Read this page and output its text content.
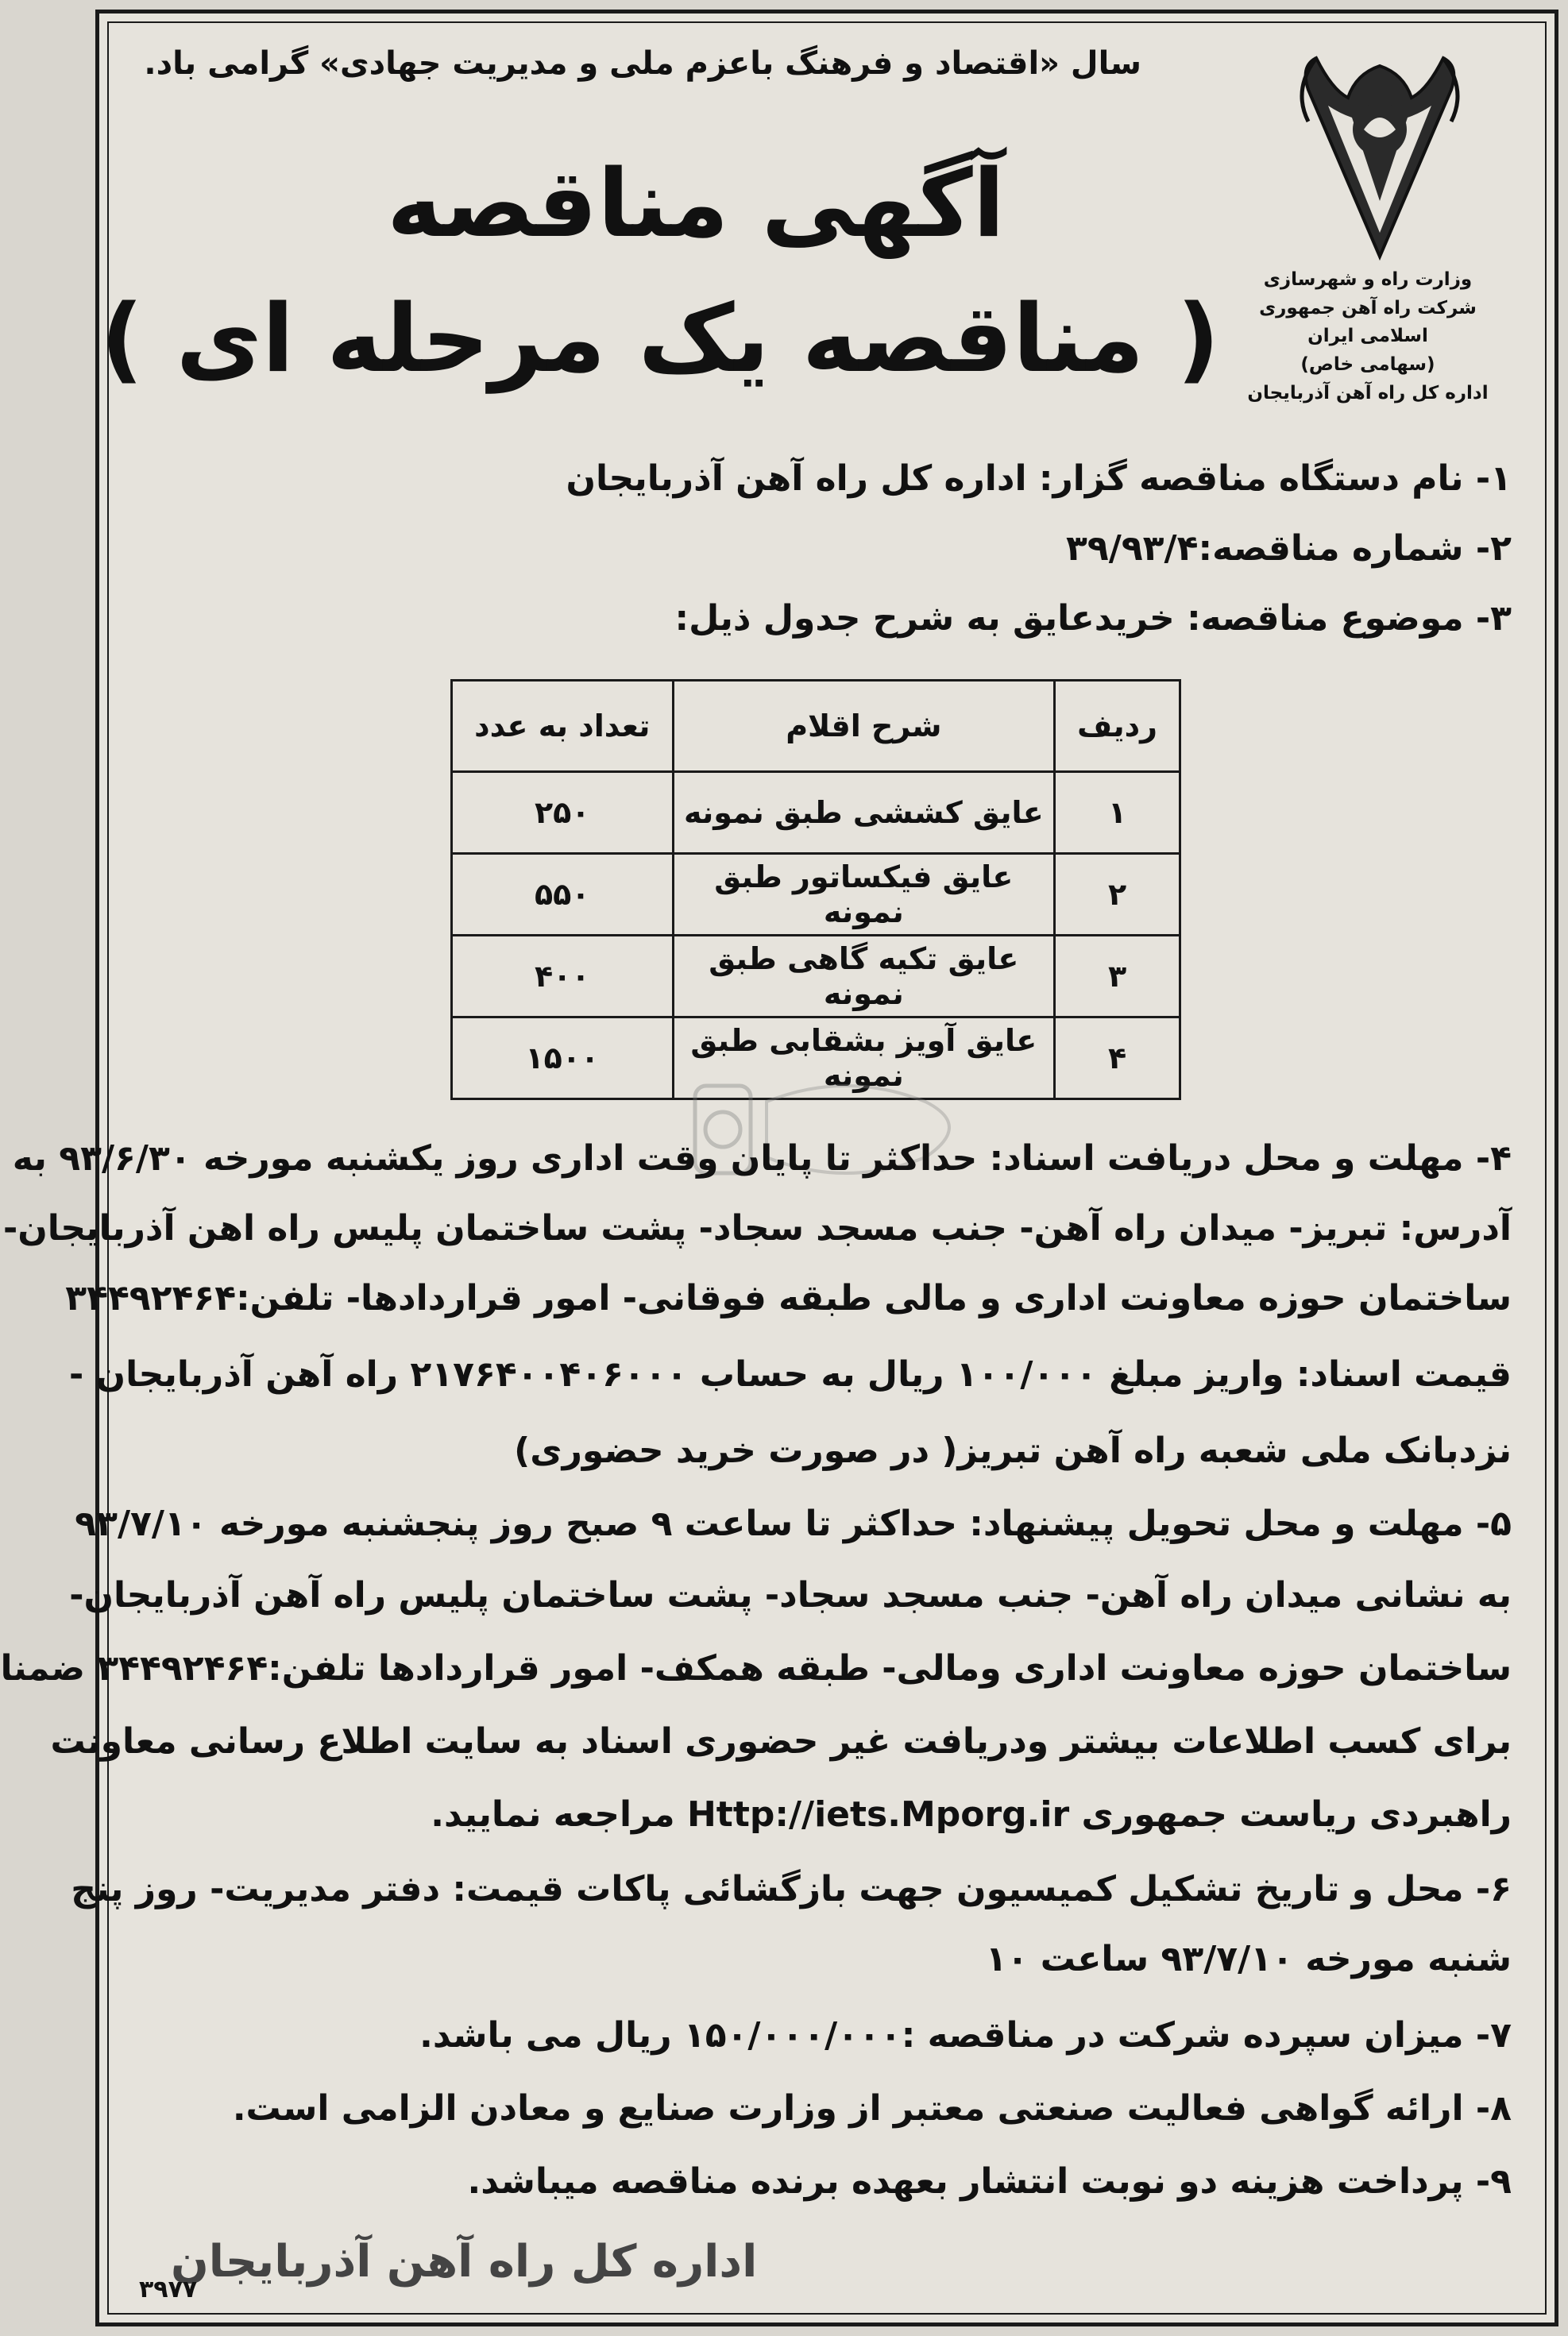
سال «اقتصاد و فرهنگ باعزم ملی و مدیریت جهادی» گرامی باد.
وزارت راه و شهرسازی
شرکت راه آهن جمهوری اسلامی ایران
(سهامی خاص)
اداره کل راه آهن آذربایجان
آگهی مناقصه
( مناقصه یک مرحله ای )
۱- نام دستگاه مناقصه گزار: اداره کل راه آهن آذربایجان
۲- شماره مناقصه:۳۹/۹۳/۴
۳- موضوع مناقصه: خریدعایق به شرح جدول ذیل:
ردیف	شرح اقلام	تعداد به عدد
۱	عایق کششی طبق نمونه	۲۵۰
۲	عایق فیکساتور طبق نمونه	۵۵۰
۳	عایق تکیه گاهی طبق نمونه	۴۰۰
۴	عایق آویز بشقابی طبق نمونه	۱۵۰۰
۴- مهلت و محل دریافت اسناد: حداکثر تا پایان وقت اداری روز یکشنبه مورخه ۹۳/۶/۳۰ به
آدرس: تبریز- میدان راه آهن- جنب مسجد سجاد- پشت ساختمان پلیس راه اهن آذربایجان-
ساختمان حوزه معاونت اداری و مالی طبقه فوقانی- امور قراردادها- تلفن:۳۴۴۹۲۴۶۴
قیمت اسناد: واریز مبلغ ۱۰۰/۰۰۰ ریال به حساب ۲۱۷۶۴۰۰۴۰۶۰۰۰ راه آهن آذربایجان -
نزدبانک ملی شعبه راه آهن تبریز( در صورت خرید حضوری)
۵- مهلت و محل تحویل پیشنهاد: حداکثر تا ساعت ۹ صبح روز پنجشنبه مورخه ۹۳/۷/۱۰
به نشانی میدان راه آهن- جنب مسجد سجاد- پشت ساختمان پلیس راه آهن آذربایجان-
ساختمان حوزه معاونت اداری ومالی- طبقه همکف- امور قراردادها تلفن:۳۴۴۹۲۴۶۴ ضمنا
برای کسب اطلاعات بیشتر ودریافت غیر حضوری اسناد به سایت اطلاع رسانی معاونت
راهبردی ریاست جمهوری Http://iets.Mporg.ir مراجعه نمایید.
۶- محل و تاریخ تشکیل کمیسیون جهت بازگشائی پاکات قیمت: دفتر مدیریت- روز پنج
شنبه مورخه ۹۳/۷/۱۰ ساعت ۱۰
۷- میزان سپرده شرکت در مناقصه :۱۵۰/۰۰۰/۰۰۰ ریال می باشد.
۸- ارائه گواهی فعالیت صنعتی معتبر از وزارت صنایع و معادن الزامی است.
۹- پرداخت هزینه دو نوبت انتشار بعهده برنده مناقصه میباشد.
اداره کل راه آهن آذربایجان
۳۹۷۷
